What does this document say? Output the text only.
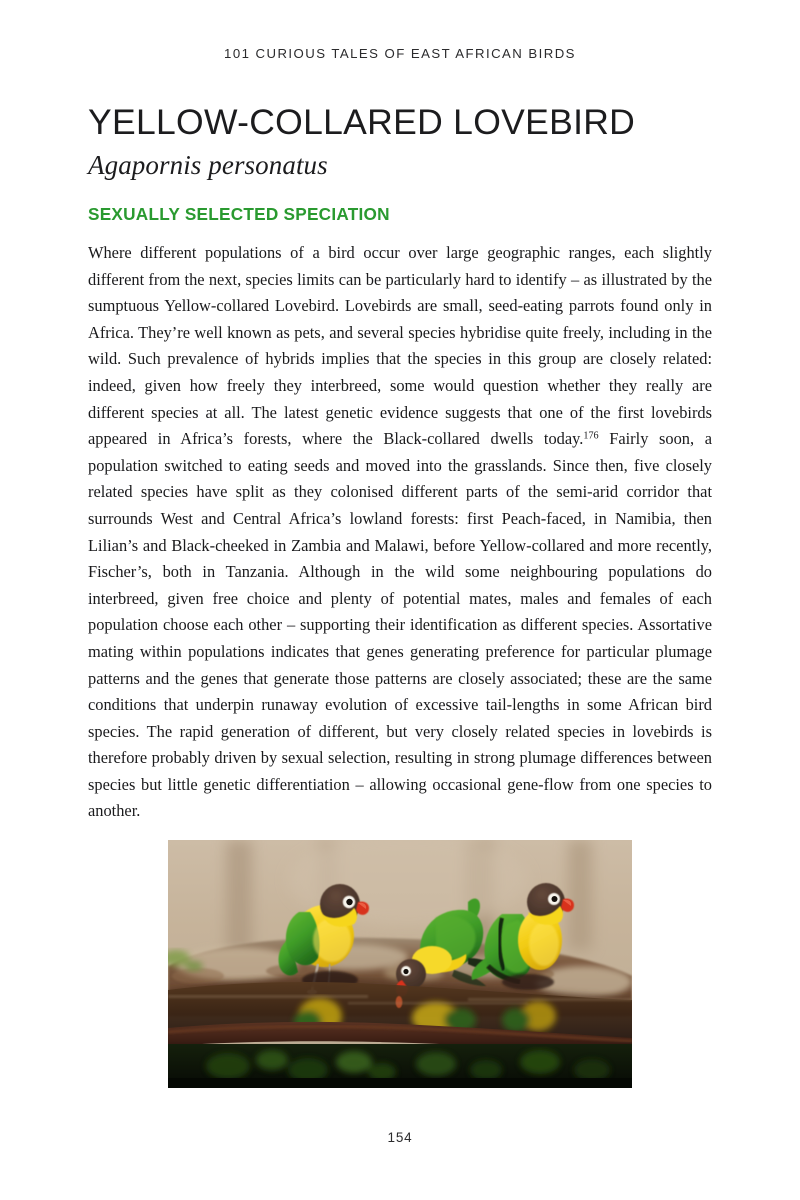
101 CURIOUS TALES OF EAST AFRICAN BIRDS
YELLOW-COLLARED LOVEBIRD
Agapornis personatus
SEXUALLY SELECTED SPECIATION

Where different populations of a bird occur over large geographic ranges, each slightly different from the next, species limits can be particularly hard to identify – as illustrated by the sumptuous Yellow-collared Lovebird. Lovebirds are small, seed-eating parrots found only in Africa. They’re well known as pets, and several species hybridise quite freely, including in the wild. Such prevalence of hybrids implies that the species in this group are closely related: indeed, given how freely they interbreed, some would question whether they really are different species at all. The latest genetic evidence suggests that one of the first lovebirds appeared in Africa’s forests, where the Black-collared dwells today.$^{176}$ Fairly soon, a population switched to eating seeds and moved into the grasslands. Since then, five closely related species have split as they colonised different parts of the semi-arid corridor that surrounds West and Central Africa’s lowland forests: first Peach-faced, in Namibia, then Lilian’s and Black-cheeked in Zambia and Malawi, before Yellow-collared and more recently, Fischer’s, both in Tanzania. Although in the wild some neighbouring populations do interbreed, given free choice and plenty of potential mates, males and females of each population choose each other – supporting their identification as different species. Assortative mating within populations indicates that genes generating preference for particular plumage patterns and the genes that generate those patterns are closely associated; these are the same conditions that underpin runaway evolution of excessive tail-lengths in some African bird species. The rapid generation of different, but very closely related species in lovebirds is therefore probably driven by sexual selection, resulting in strong plumage differences between species but little genetic differentiation – allowing occasional gene-flow from one species to another.

154
